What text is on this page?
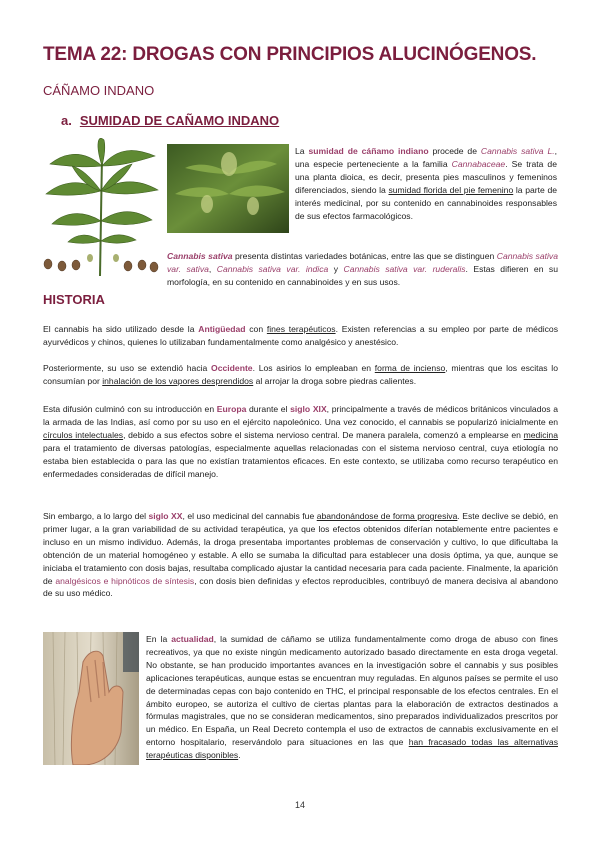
TEMA 22: DROGAS CON PRINCIPIOS ALUCINÓGENOS.
CÁÑAMO INDANO
a. SUMIDAD DE CAÑAMO INDANO

La sumidad de cáñamo indiano procede de Cannabis sativa L., una especie perteneciente a la familia Cannabaceae. Se trata de una planta dioica, es decir, presenta pies masculinos y femeninos diferenciados, siendo la sumidad florida del pie femenino la parte de interés medicinal, por su contenido en cannabinoides responsables de sus efectos farmacológicos.

Cannabis sativa presenta distintas variedades botánicas, entre las que se distinguen Cannabis sativa var. sativa, Cannabis sativa var. indica y Cannabis sativa var. ruderalis. Estas difieren en su morfología, en su contenido en cannabinoides y en sus usos.

HISTORIA

El cannabis ha sido utilizado desde la Antigüedad con fines terapéuticos. Existen referencias a su empleo por parte de médicos ayurvédicos y chinos, quienes lo utilizaban fundamentalmente como analgésico y anestésico.

Posteriormente, su uso se extendió hacia Occidente. Los asirios lo empleaban en forma de incienso, mientras que los escitas lo consumían por inhalación de los vapores desprendidos al arrojar la droga sobre piedras calientes.

Esta difusión culminó con su introducción en Europa durante el siglo XIX, principalmente a través de médicos británicos vinculados a la armada de las Indias, así como por su uso en el ejército napoleónico. Una vez conocido, el cannabis se popularizó inicialmente en círculos intelectuales, debido a sus efectos sobre el sistema nervioso central. De manera paralela, comenzó a emplearse en medicina para el tratamiento de diversas patologías, especialmente aquellas relacionadas con el sistema nervioso central, cuya etiología no estaba bien establecida o para las que no existían tratamientos eficaces. En este contexto, se utilizaba como recurso terapéutico en enfermedades consideradas de difícil manejo.

Sin embargo, a lo largo del siglo XX, el uso medicinal del cannabis fue abandonándose de forma progresiva. Este declive se debió, en primer lugar, a la gran variabilidad de su actividad terapéutica, ya que los efectos obtenidos diferían notablemente entre pacientes e incluso en un mismo individuo. Además, la droga presentaba importantes problemas de conservación y cultivo, lo que dificultaba la obtención de un material homogéneo y estable. A ello se sumaba la dificultad para establecer una dosis óptima, ya que, aunque se iniciaba el tratamiento con dosis bajas, resultaba complicado ajustar la cantidad necesaria para cada paciente. Finalmente, la aparición de analgésicos e hipnóticos de síntesis, con dosis bien definidas y efectos reproducibles, contribuyó de manera decisiva al abandono de su uso médico.

En la actualidad, la sumidad de cáñamo se utiliza fundamentalmente como droga de abuso con fines recreativos, ya que no existe ningún medicamento autorizado basado directamente en esta droga vegetal. No obstante, se han producido importantes avances en la investigación sobre el cannabis y sus posibles aplicaciones terapéuticas, aunque estas se encuentran muy reguladas. En algunos países se permite el uso de determinadas cepas con bajo contenido en THC, el principal responsable de los efectos centrales. En el ámbito europeo, se autoriza el cultivo de ciertas plantas para la elaboración de extractos destinados a fórmulas magistrales, que no se consideran medicamentos, sino preparados individualizados prescritos por un médico. En España, un Real Decreto contempla el uso de extractos de cannabis exclusivamente en el entorno hospitalario, reservándolo para situaciones en las que han fracasado todas las alternativas terapéuticas disponibles.

14
